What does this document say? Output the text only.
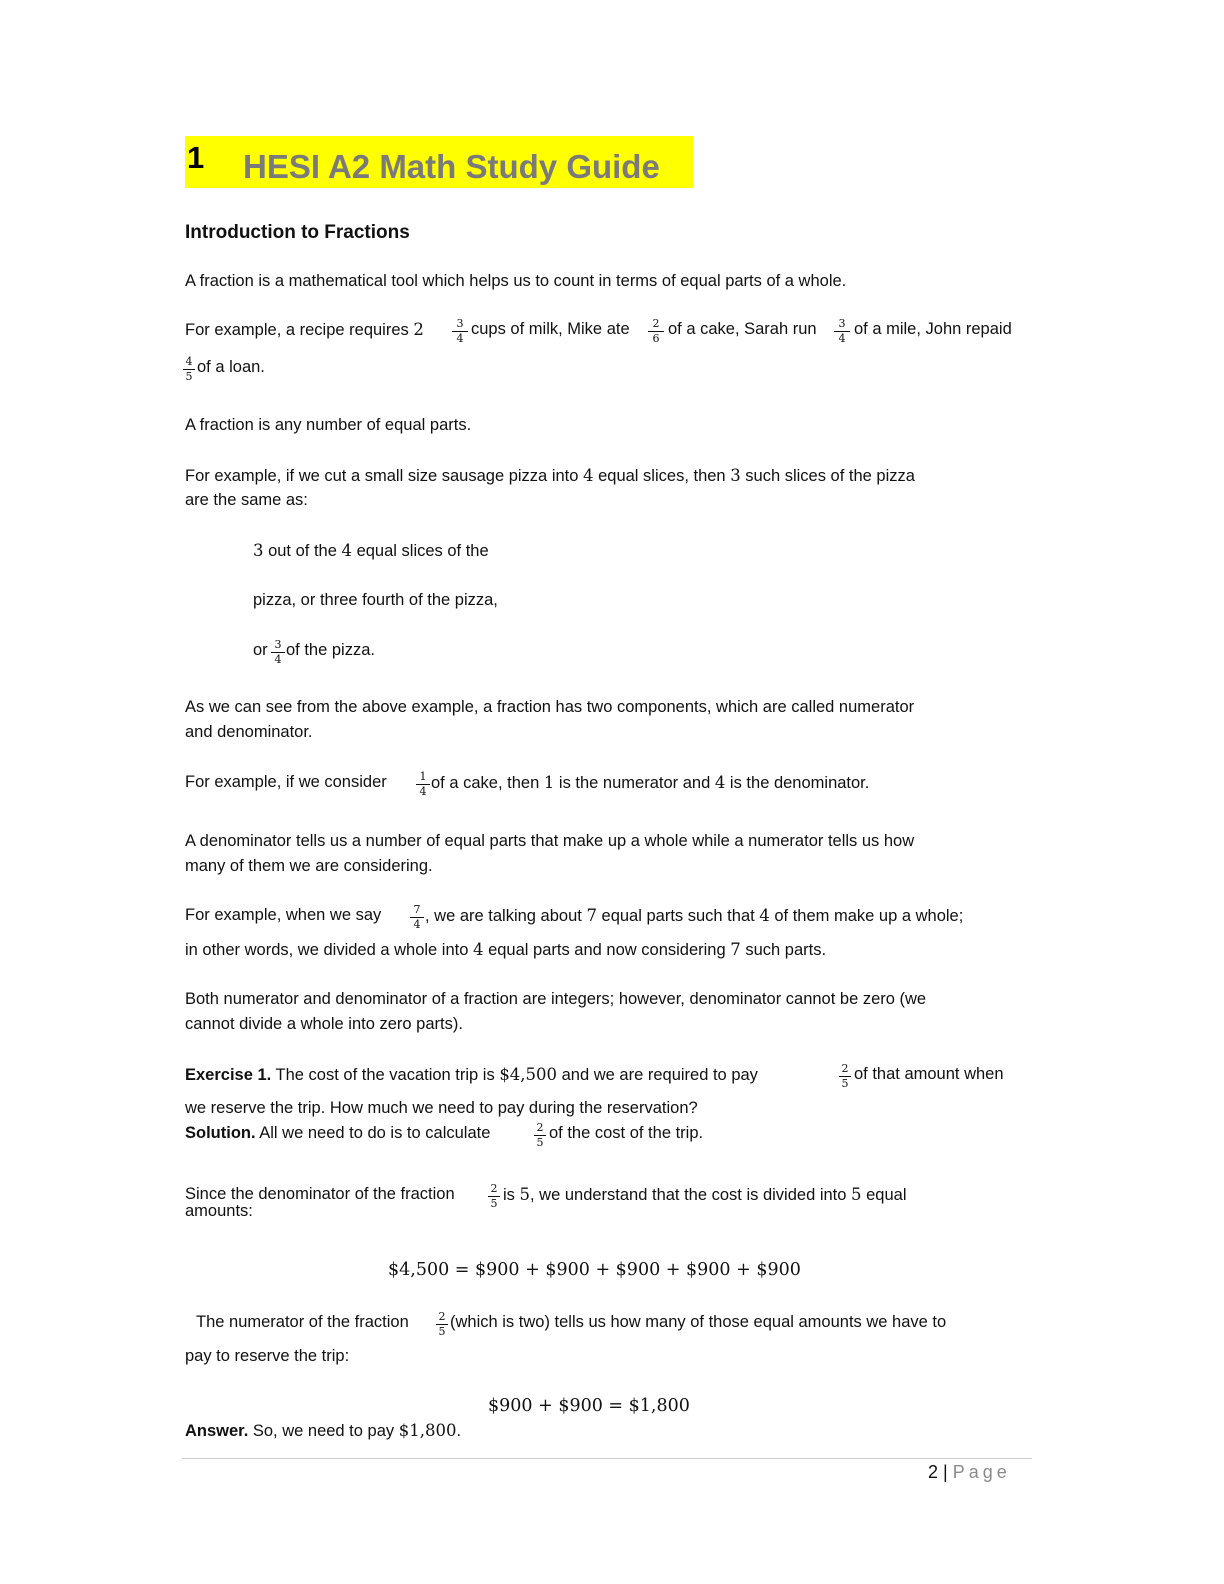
1 HESI A2 Math Study Guide
Introduction to Fractions
A fraction is a mathematical tool which helps us to count in terms of equal parts of a whole.
For example, a recipe requires 2	3
4
cups of milk, Mike ate	2
6
of a cake, Sarah run	3
4
of a mile, John repaid
4
5
of a loan.
A fraction is any number of equal parts.
For example, if we cut a small size sausage pizza into 4 equal slices, then 3 such slices of the pizza
are the same as:
3 out of the 4 equal slices of the
pizza, or three fourth of the pizza,
or 3
4
of the pizza.
As we can see from the above example, a fraction has two components, which are called numerator
and denominator.
For example, if we consider	1
4 of a cake, then 1 is the numerator and 4 is the denominator.
A denominator tells us a number of equal parts that make up a whole while a numerator tells us how
many of them we are considering.
For example, when we say	7
4 , we are talking about 7 equal parts such that 4 of them make up a whole;
in other words, we divided a whole into 4 equal parts and now considering 7 such parts.
Both numerator and denominator of a fraction are integers; however, denominator cannot be zero (we
cannot divide a whole into zero parts).
Exercise 1. The cost of the vacation trip is $4,500 and we are required to pay	2
5
of that amount when
we reserve the trip. How much we need to pay during the reservation?
Solution. All we need to do is to calculate	2
5
of the cost of the trip.
Since the denominator of the fraction	2
5 is 5, we understand that the cost is divided into 5 equal
amounts:
$4,500 = $900 + $900 + $900 + $900 + $900
The numerator of the fraction	2
5
(which is two) tells us how many of those equal amounts we have to
pay to reserve the trip:
$900 + $900 = $1,800
Answer. So, we need to pay $1,800.
2 | Page
